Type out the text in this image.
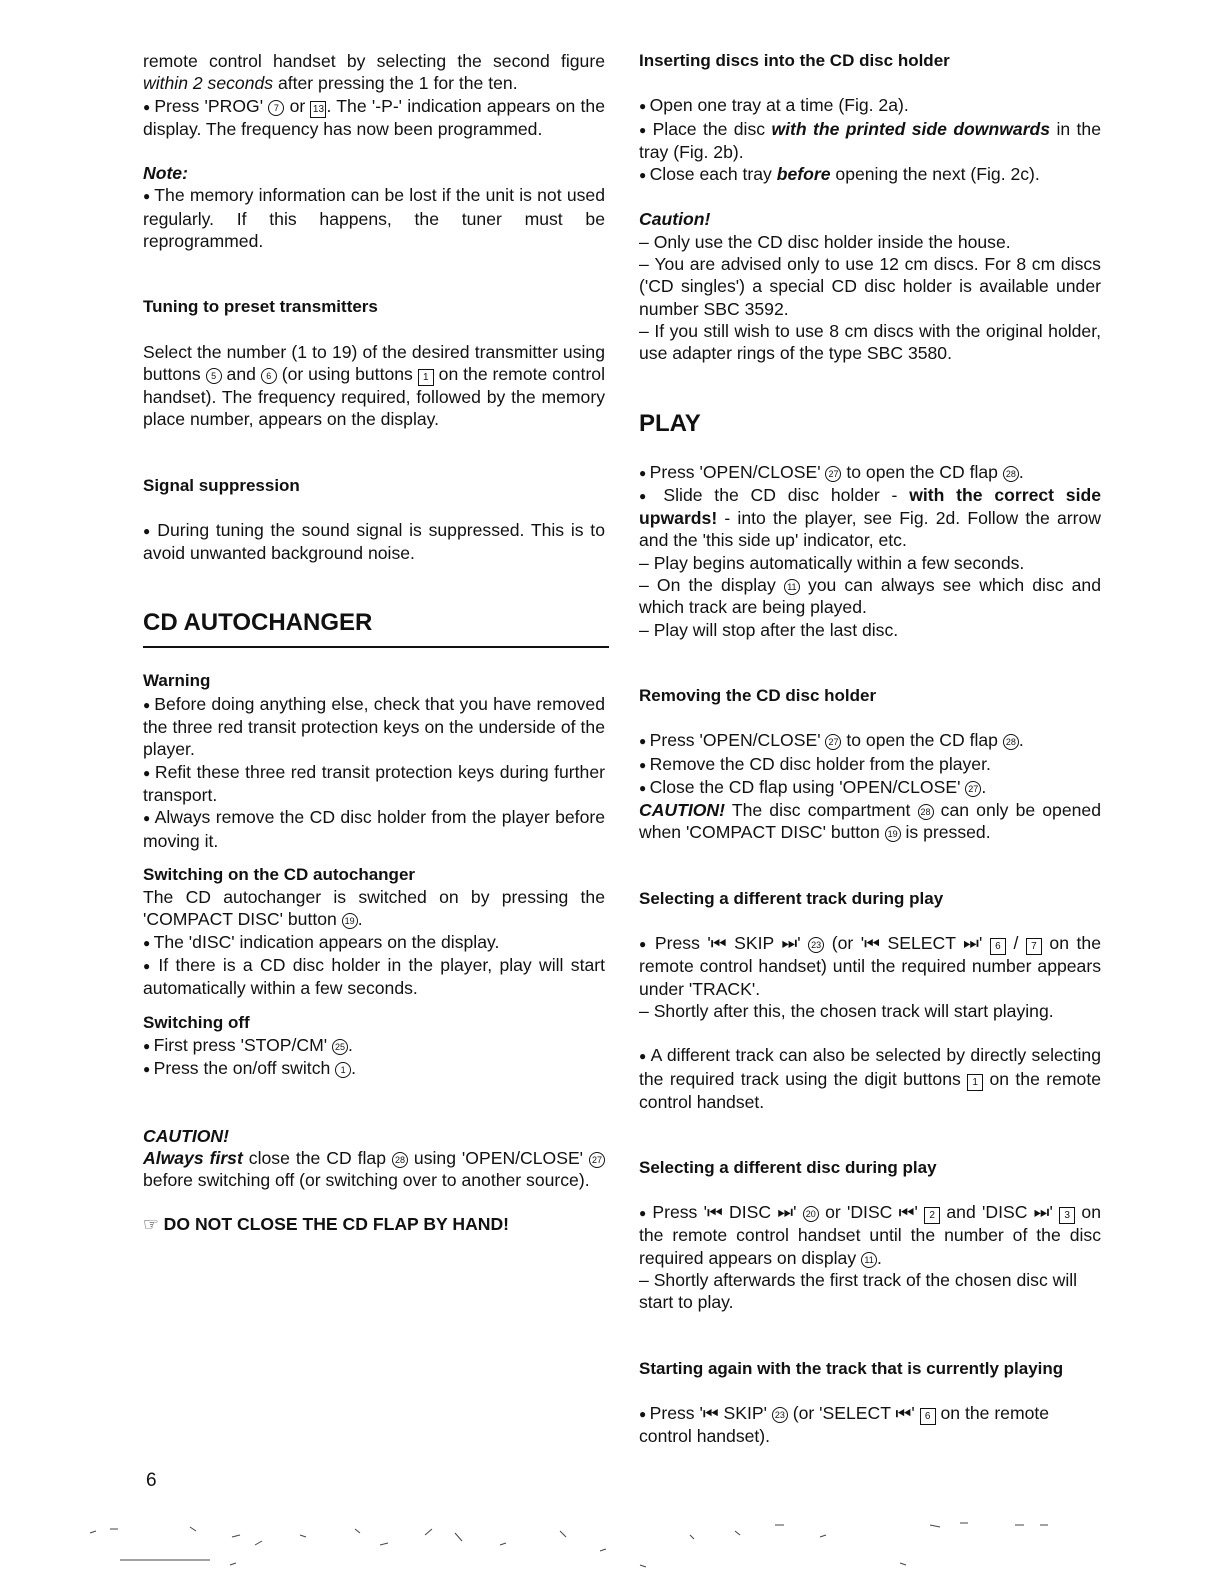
remote control handset by selecting the second figure within 2 seconds after pressing the 1 for the ten.

● Press 'PROG' 7 or 13 . The '-P-' indication appears on the display. The frequency has now been programmed.

Note:

● The memory information can be lost if the unit is not used regularly. If this happens, the tuner must be reprogrammed.

Tuning to preset transmitters

Select the number (1 to 19) of the desired transmitter using buttons 5 and 6 (or using buttons 1 on the remote control handset). The frequency required, followed by the memory place number, appears on the display.

Signal suppression

● During tuning the sound signal is suppressed. This is to avoid unwanted background noise.

CD AUTOCHANGER

Warning

● Before doing anything else, check that you have removed the three red transit protection keys on the underside of the player.

● Refit these three red transit protection keys during further transport.

● Always remove the CD disc holder from the player before moving it.

Switching on the CD autochanger

The CD autochanger is switched on by pressing the 'COMPACT DISC' button 19 .

● The 'dISC' indication appears on the display.

● If there is a CD disc holder in the player, play will start automatically within a few seconds.

Switching off

● First press 'STOP/CM' 25 .

● Press the on/off switch 1 .

CAUTION!

Always first close the CD flap 28 using 'OPEN/CLOSE' 27 before switching off (or switching over to another source).

☞ DO NOT CLOSE THE CD FLAP BY HAND!

Inserting discs into the CD disc holder

● Open one tray at a time (Fig. 2a).

● Place the disc with the printed side downwards in the tray (Fig. 2b).

● Close each tray before opening the next (Fig. 2c).

Caution!

– Only use the CD disc holder inside the house.

– You are advised only to use 12 cm discs. For 8 cm discs ('CD singles') a special CD disc holder is available under number SBC 3592.

– If you still wish to use 8 cm discs with the original holder, use adapter rings of the type SBC 3580.

PLAY

● Press 'OPEN/CLOSE' 27 to open the CD flap 28 .

● Slide the CD disc holder - with the correct side upwards! - into the player, see Fig. 2d. Follow the arrow and the 'this side up' indicator, etc.

– Play begins automatically within a few seconds.

– On the display 11 you can always see which disc and which track are being played.

– Play will stop after the last disc.

Removing the CD disc holder

● Press 'OPEN/CLOSE' 27 to open the CD flap 28 .

● Remove the CD disc holder from the player.

● Close the CD flap using 'OPEN/CLOSE' 27 .

CAUTION! The disc compartment 28 can only be opened when 'COMPACT DISC' button 19 is pressed.

Selecting a different track during play

● Press '⏮ SKIP ⏭' 23 (or '⏮ SELECT ⏭' 6 / 7 on the remote control handset) until the required number appears under 'TRACK'.

– Shortly after this, the chosen track will start playing.

● A different track can also be selected by directly selecting the required track using the digit buttons 1 on the remote control handset.

Selecting a different disc during play

● Press '⏮ DISC ⏭' 20 or 'DISC ⏮' 2 and 'DISC ⏭' 3 on the remote control handset until the number of the disc required appears on display 11 .

– Shortly afterwards the first track of the chosen disc will start to play.

Starting again with the track that is currently playing

● Press '⏮ SKIP' 23 (or 'SELECT ⏮' 6 on the remote control handset).

6
